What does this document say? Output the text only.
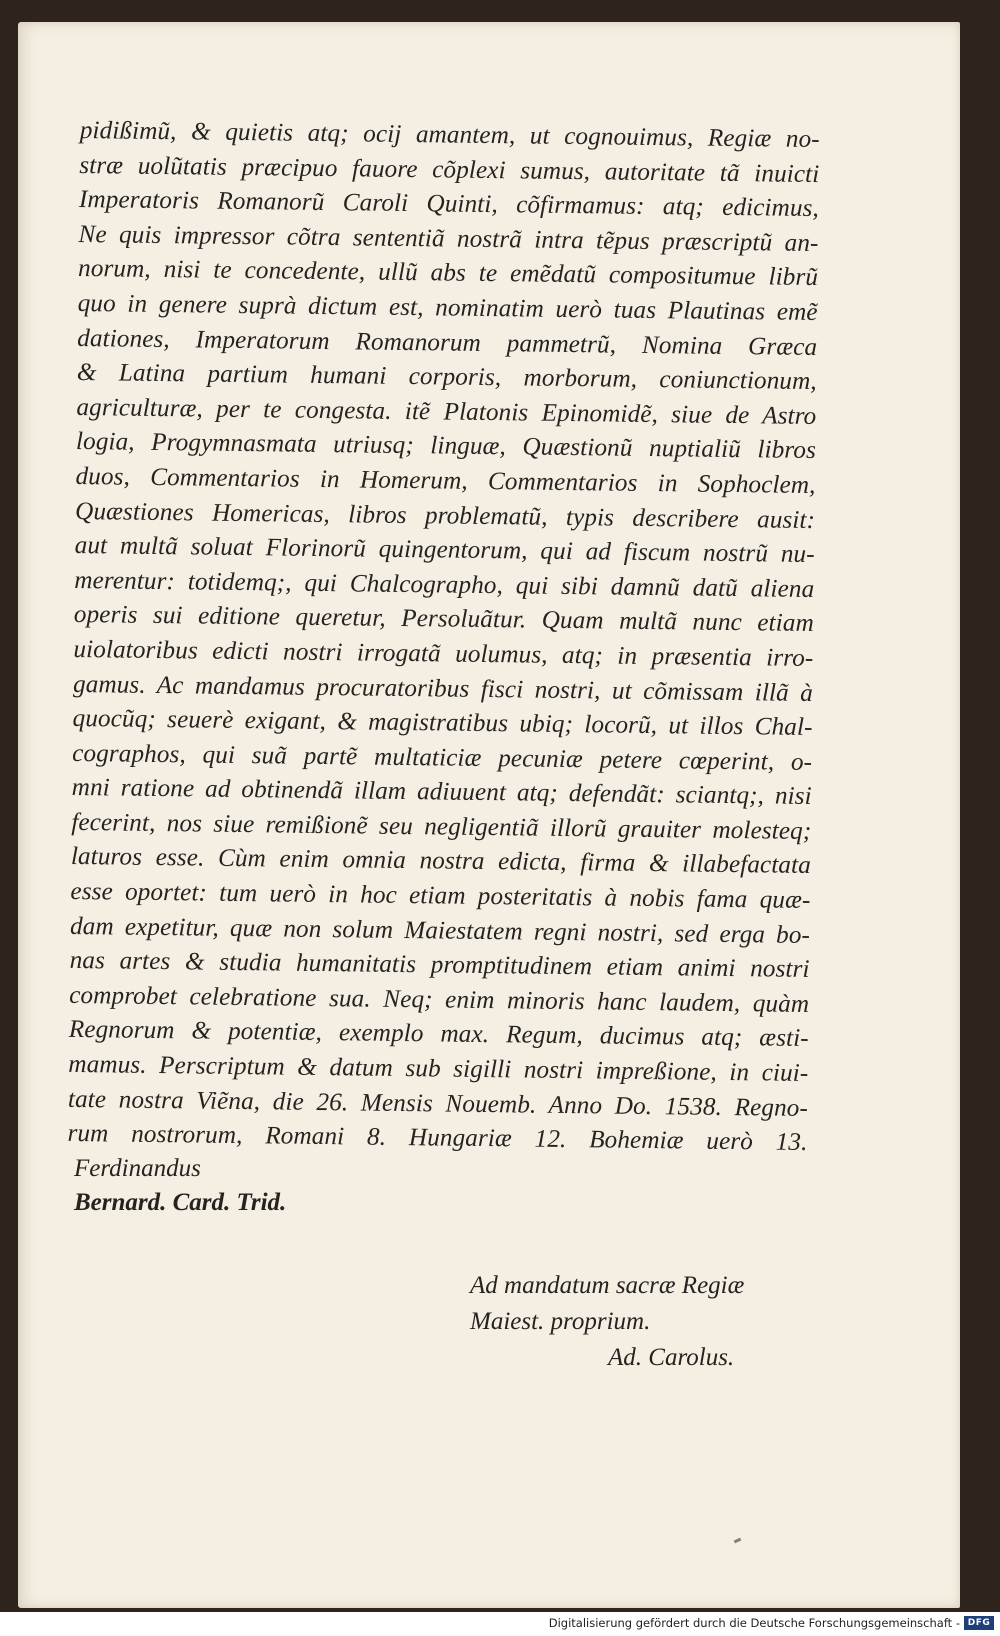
pidißimũ, & quietis atq; ocij amantem, ut cognouimus, Regiæ no-
stræ uolũtatis præcipuo fauore cõplexi sumus, autoritate tã inuicti
Imperatoris Romanorũ Caroli Quinti, cõfirmamus: atq; edicimus,
Ne quis impressor cõtra sententiã nostrã intra tẽpus præscriptũ an-
norum, nisi te concedente, ullũ abs te emẽdatũ compositumue librũ
quo in genere suprà dictum est, nominatim uerò tuas Plautinas emẽ
dationes, Imperatorum Romanorum pammetrũ, Nomina Græca
& Latina partium humani corporis, morborum, coniunctionum,
agriculturæ, per te congesta. itẽ Platonis Epinomidẽ, siue de Astro
logia, Progymnasmata utriusq; linguæ, Quæstionũ nuptialiũ libros
duos, Commentarios in Homerum, Commentarios in Sophoclem,
Quæstiones Homericas, libros problematũ, typis describere ausit:
aut multã soluat Florinorũ quingentorum, qui ad fiscum nostrũ nu-
merentur: totidemq;, qui Chalcographo, qui sibi damnũ datũ aliena
operis sui editione queretur, Persoluãtur. Quam multã nunc etiam
uiolatoribus edicti nostri irrogatã uolumus, atq; in præsentia irro-
gamus. Ac mandamus procuratoribus fisci nostri, ut cõmissam illã à
quocũq; seuerè exigant, & magistratibus ubiq; locorũ, ut illos Chal-
cographos, qui suã partẽ multaticiæ pecuniæ petere cœperint, o-
mni ratione ad obtinendã illam adiuuent atq; defendãt: sciantq;, nisi
fecerint, nos siue remißionẽ seu negligentiã illorũ grauiter molesteq;
laturos esse. Cùm enim omnia nostra edicta, firma & illabefactata
esse oportet: tum uerò in hoc etiam posteritatis à nobis fama quæ-
dam expetitur, quæ non solum Maiestatem regni nostri, sed erga bo-
nas artes & studia humanitatis promptitudinem etiam animi nostri
comprobet celebratione sua. Neq; enim minoris hanc laudem, quàm
Regnorum & potentiæ, exemplo max. Regum, ducimus atq; æsti-
mamus. Perscriptum & datum sub sigilli nostri impreßione, in ciui-
tate nostra Viẽna, die 26. Mensis Nouemb. Anno Do. 1538. Regno-
rum nostrorum, Romani 8. Hungariæ 12. Bohemiæ uerò 13.

Ferdinandus
Bernard. Card. Trid.
Ad mandatum sacræ Regiæ
Maiest. proprium.
Ad. Carolus.
Digitalisierung gefördert durch die Deutsche Forschungsgemeinschaft - DFG
